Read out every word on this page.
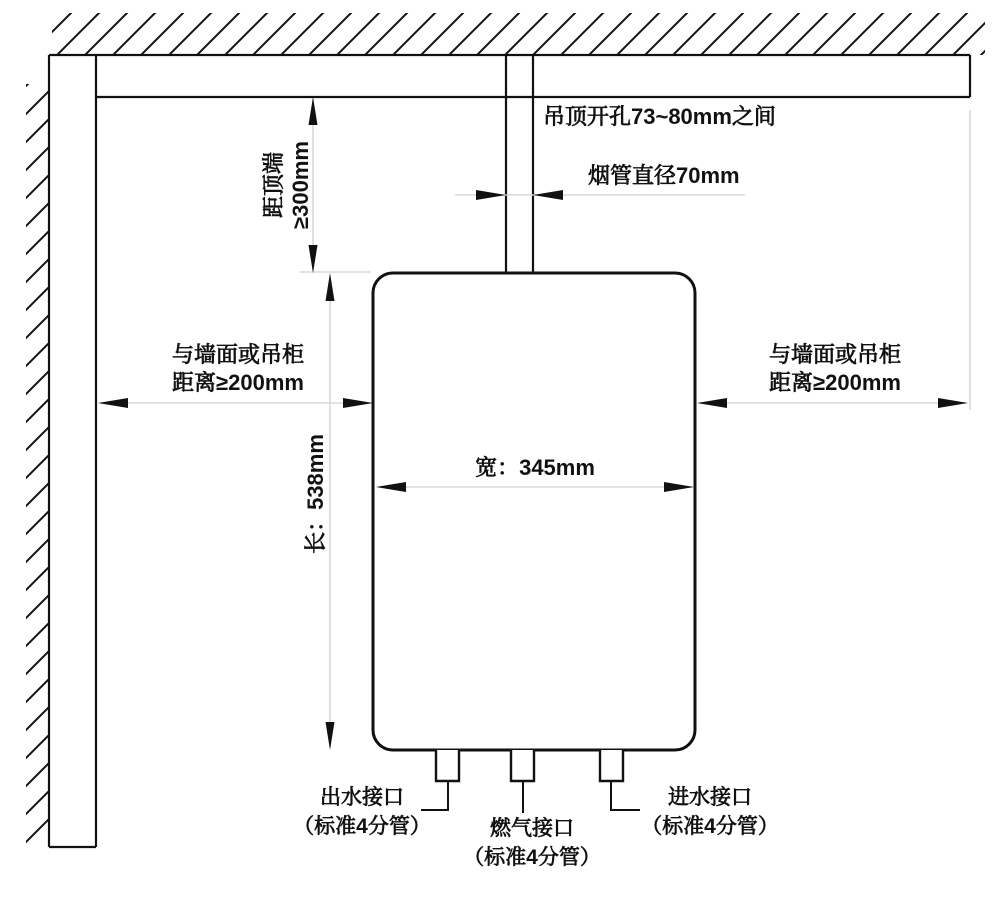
吊顶开孔73~80mm之间
烟管直径70mm
距顶端 ≥300mm
与墙面或吊柜
距离≥200mm
与墙面或吊柜
距离≥200mm
宽：345mm
长：538mm
出水接口
（标准4分管）	燃气接口
（标准4分管）
进水接口
（标准4分管）
